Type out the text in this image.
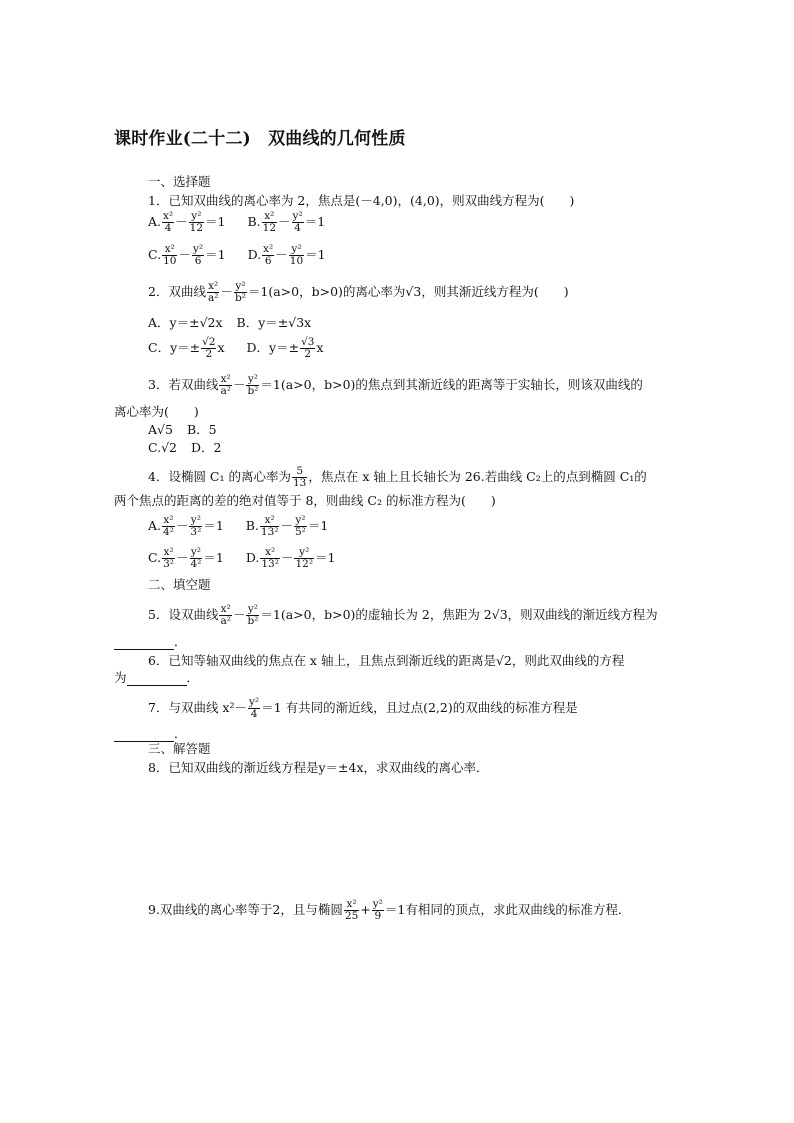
课时作业(二十二)　双曲线的几何性质
一、选择题
1．已知双曲线的离心率为 2，焦点是(－4,0)，(4,0)，则双曲线方程为(　　)
A. $\frac{\text{x²}}{4} - \frac{\text{y²}}{12} =1$ B. $\frac{\text{x²}}{12} - \frac{\text{y²}}{4} =1$
C. $\frac{\text{x²}}{10} - \frac{\text{y²}}{6} =1$ D. $\frac{\text{x²}}{6} - \frac{\text{y²}}{10} =1$
2．双曲线 $\frac{\text{x²}}{\text{a²}} - \frac{\text{y²}}{\text{b²}} =1(a>0$，b>0)的离心率为√3，则其渐近线方程为(　　)
A．y＝±√2x B．y＝±√3x
C．$y=\pm \frac{√2}{2}$ x D．$y=\pm \frac{√3}{2}$ x
3．若双曲线 $\frac{\text{x²}}{\text{a²}} - \frac{\text{y²}}{\text{b²}} =1(a>0$，b>0)的焦点到其渐近线的距离等于实轴长，则该双曲线的
离心率为(　　)
A√5 B．5
C.√2 D．2
4．设椭圆 C₁ 的离心率为 $\frac{5}{13}$ ，焦点在 x 轴上且长轴长为 26.若曲线 C₂上的点到椭圆 C₁的
两个焦点的距离的差的绝对值等于 8，则曲线 C₂ 的标准方程为(　　)
A. $\frac{\text{x²}}{\text{4²}} - \frac{\text{y²}}{\text{3²}} =1$ B. $\frac{\text{x²}}{\text{13²}} - \frac{\text{y²}}{\text{5²}} =1$
C. $\frac{\text{x²}}{\text{3²}} - \frac{\text{y²}}{\text{4²}} =1$ D. $\frac{\text{x²}}{\text{13²}} - \frac{\text{y²}}{\text{12²}} =1$
二、填空题
5．设双曲线 $\frac{\text{x²}}{\text{a²}} - \frac{\text{y²}}{\text{b²}} =1(a>0$，b>0)的虚轴长为 2，焦距为 2√3，则双曲线的渐近线方程为
．
6．已知等轴双曲线的焦点在 x 轴上，且焦点到渐近线的距离是√2，则此双曲线的方程
为	．
7．与双曲线 $x^2- \frac{\text{y²}}{4} =1$ 有共同的渐近线，且过点(2,2)的双曲线的标准方程是
．
三、解答题
8．已知双曲线的渐近线方程是y＝±4x，求双曲线的离心率．
9.双曲线的离心率等于2，且与椭圆 $\frac{\text{x²}}{25} + \frac{\text{y²}}{9} =1$有相同的顶点，求此双曲线的标准方程．
